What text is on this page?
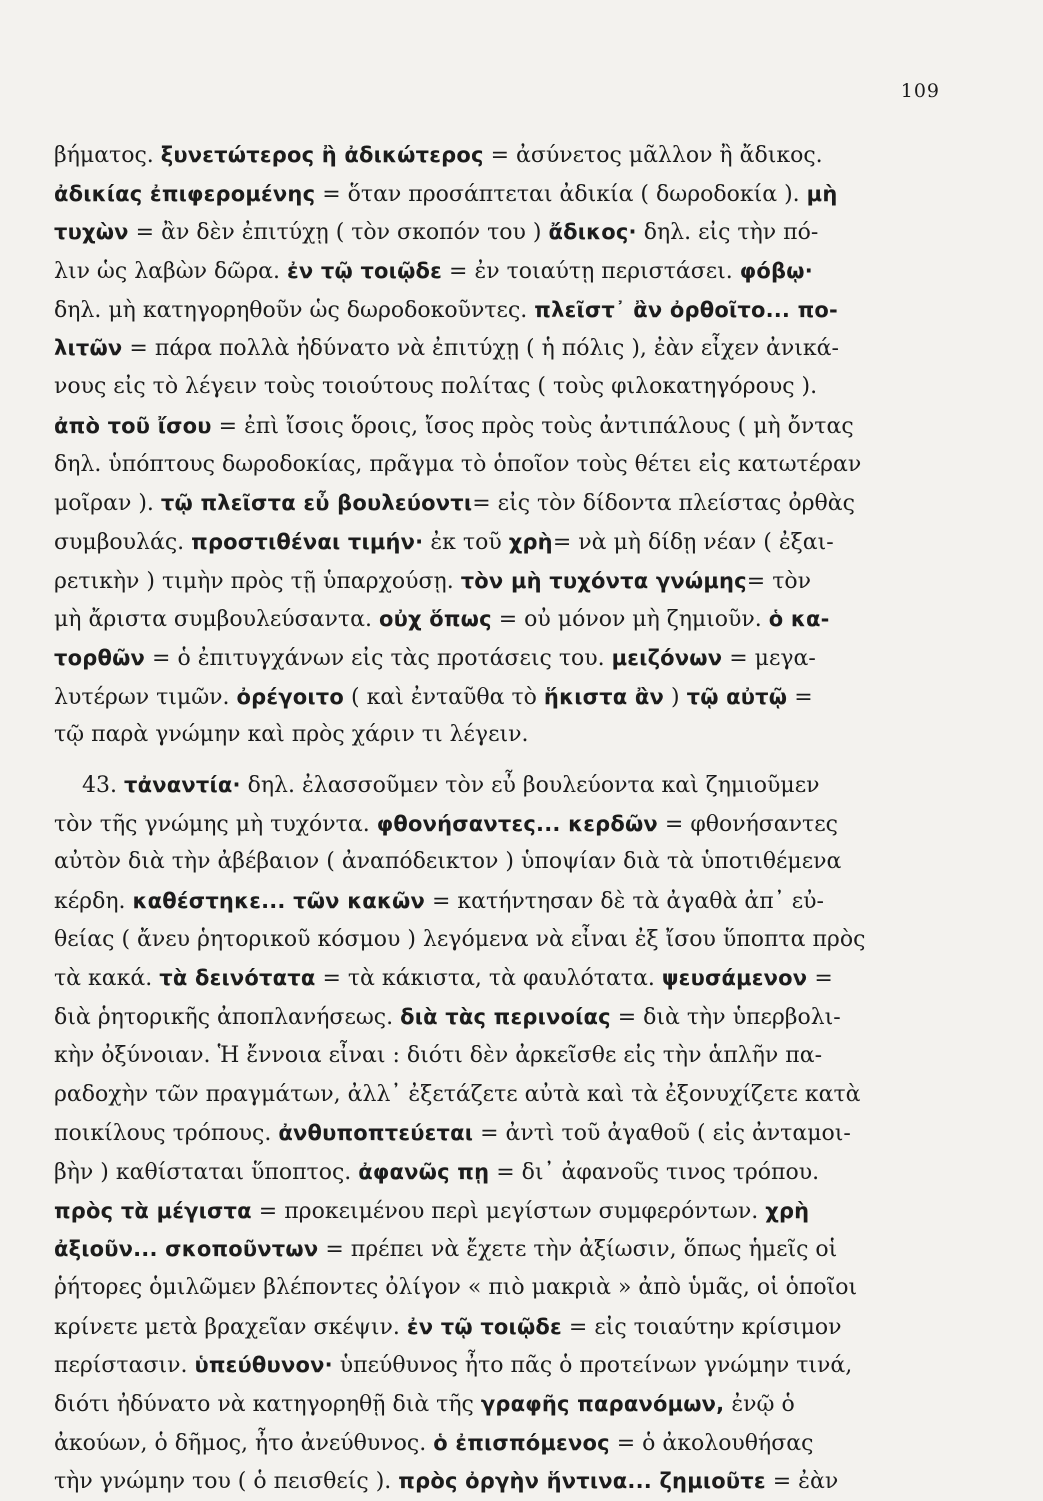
109
βήματος. ξυνετώτερος ἢ ἀδικώτερος = ἀσύνετος μᾶλλον ἢ ἄδικος.
ἀδικίας ἐπιφερομένης = ὅταν προσάπτεται ἀδικία ( δωροδοκία ). μὴ
τυχὼν = ἂν δὲν ἐπιτύχῃ ( τὸν σκοπόν του ) ἄδικος· δηλ. εἰς τὴν πό-
λιν ὡς λαβὼν δῶρα. ἐν τῷ τοιῷδε = ἐν τοιαύτῃ περιστάσει. φόβῳ·
δηλ. μὴ κατηγορηθοῦν ὡς δωροδοκοῦντες. πλεῖστ᾽ ἂν ὀρθοῖτο... πο-
λιτῶν = πάρα πολλὰ ἠδύνατο νὰ ἐπιτύχῃ ( ἡ πόλις ), ἐὰν εἶχεν ἀνικά-
νους εἰς τὸ λέγειν τοὺς τοιούτους πολίτας ( τοὺς φιλοκατηγόρους ).
ἀπὸ τοῦ ἴσου = ἐπὶ ἴσοις ὅροις, ἴσος πρὸς τοὺς ἀντιπάλους ( μὴ ὄντας
δηλ. ὑπόπτους δωροδοκίας, πρᾶγμα τὸ ὁποῖον τοὺς θέτει εἰς κατωτέραν
μοῖραν ). τῷ πλεῖστα εὖ βουλεύοντι= εἰς τὸν δίδοντα πλείστας ὀρθὰς
συμβουλάς. προστιθέναι τιμήν· ἐκ τοῦ χρὴ= νὰ μὴ δίδῃ νέαν ( ἐξαι-
ρετικὴν ) τιμὴν πρὸς τῇ ὑπαρχούσῃ. τὸν μὴ τυχόντα γνώμης= τὸν
μὴ ἄριστα συμβουλεύσαντα. οὐχ ὅπως = οὐ μόνον μὴ ζημιοῦν. ὁ κα-
τορθῶν = ὁ ἐπιτυγχάνων εἰς τὰς προτάσεις του. μειζόνων = μεγα-
λυτέρων τιμῶν. ὀρέγοιτο ( καὶ ἐνταῦθα τὸ ἥκιστα ἂν ) τῷ αὐτῷ =
τῷ παρὰ γνώμην καὶ πρὸς χάριν τι λέγειν.
43. τἀναντία· δηλ. ἐλασσοῦμεν τὸν εὖ βουλεύοντα καὶ ζημιοῦμεν
τὸν τῆς γνώμης μὴ τυχόντα. φθονήσαντες... κερδῶν = φθονήσαντες
αὐτὸν διὰ τὴν ἀβέβαιον ( ἀναπόδεικτον ) ὑποψίαν διὰ τὰ ὑποτιθέμενα
κέρδη. καθέστηκε... τῶν κακῶν = κατήντησαν δὲ τὰ ἀγαθὰ ἀπ᾽ εὐ-
θείας ( ἄνευ ῥητορικοῦ κόσμου ) λεγόμενα νὰ εἶναι ἐξ ἴσου ὕποπτα πρὸς
τὰ κακά. τὰ δεινότατα = τὰ κάκιστα, τὰ φαυλότατα. ψευσάμενον =
διὰ ῥητορικῆς ἀποπλανήσεως. διὰ τὰς περινοίας = διὰ τὴν ὑπερβολι-
κὴν ὀξύνοιαν. Ἡ ἔννοια εἶναι : διότι δὲν ἀρκεῖσθε εἰς τὴν ἁπλῆν πα-
ραδοχὴν τῶν πραγμάτων, ἀλλ᾽ ἐξετάζετε αὐτὰ καὶ τὰ ἐξονυχίζετε κατὰ
ποικίλους τρόπους. ἀνθυποπτεύεται = ἀντὶ τοῦ ἀγαθοῦ ( εἰς ἀνταμοι-
βὴν ) καθίσταται ὕποπτος. ἀφανῶς πῃ = δι᾽ ἀφανοῦς τινος τρόπου.
πρὸς τὰ μέγιστα = προκειμένου περὶ μεγίστων συμφερόντων. χρὴ
ἀξιοῦν... σκοποῦντων = πρέπει νὰ ἔχετε τὴν ἀξίωσιν, ὅπως ἡμεῖς οἱ
ῥήτορες ὁμιλῶμεν βλέποντες ὀλίγον « πιὸ μακριὰ » ἀπὸ ὑμᾶς, οἱ ὁποῖοι
κρίνετε μετὰ βραχεῖαν σκέψιν. ἐν τῷ τοιῷδε = εἰς τοιαύτην κρίσιμον
περίστασιν. ὑπεύθυνον· ὑπεύθυνος ἦτο πᾶς ὁ προτείνων γνώμην τινά,
διότι ἠδύνατο νὰ κατηγορηθῇ διὰ τῆς γραφῆς παρανόμων, ἐνῷ ὁ
ἀκούων, ὁ δῆμος, ἦτο ἀνεύθυνος. ὁ ἐπισπόμενος = ὁ ἀκολουθήσας
τὴν γνώμην του ( ὁ πεισθείς ). πρὸς ὀργὴν ἥντινα... ζημιοῦτε = ἐὰν
